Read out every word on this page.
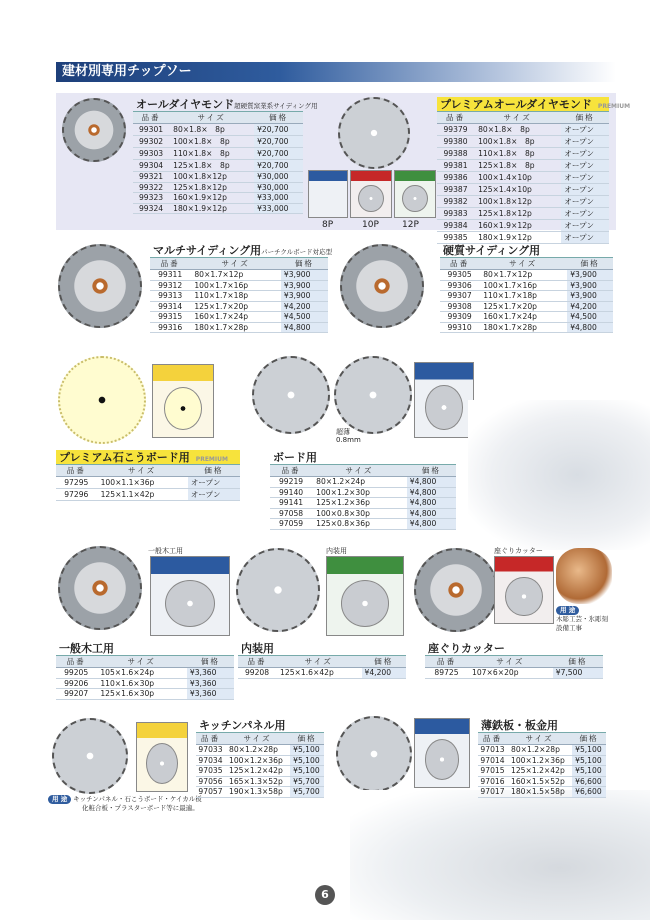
建材別専用チップソー
8P	10P	12P
超薄 0.8mm
一般木工用	内装用	座ぐりカッター
用 途
木彫工芸・氷彫刻
設備工事
用 途 キッチンパネル・石こうボード・ケイカル板
化粧合板・プラスターボード等に最適。
オールダイヤモンド超硬質窯業系サイディング用
品番	サイズ	価格
99301	80×1.8×　8p	¥20,700
99302	100×1.8×　8p	¥20,700
99303	110×1.8×　8p	¥20,700
99304	125×1.8×　8p	¥20,700
99321	100×1.8×12p	¥30,000
99322	125×1.8×12p	¥30,000
99323	160×1.9×12p	¥33,000
99324	180×1.9×12p	¥33,000
プレミアムオールダイヤモンド PREMIUM
品番	サイズ	価格
99379	80×1.8×　8p	オープン
99380	100×1.8×　8p	オープン
99388	110×1.8×　8p	オープン
99381	125×1.8×　8p	オープン
99386	100×1.4×10p	オープン
99387	125×1.4×10p	オープン
99382	100×1.8×12p	オープン
99383	125×1.8×12p	オープン
99384	160×1.9×12p	オープン
99385	180×1.9×12p	オープン
マルチサイディング用パーチクルボード対応型
品番	サイズ	価格
99311	80×1.7×12p	¥3,900
99312	100×1.7×16p	¥3,900
99313	110×1.7×18p	¥3,900
99314	125×1.7×20p	¥4,200
99315	160×1.7×24p	¥4,500
99316	180×1.7×28p	¥4,800
硬質サイディング用
品番	サイズ	価格
99305	80×1.7×12p	¥3,900
99306	100×1.7×16p	¥3,900
99307	110×1.7×18p	¥3,900
99308	125×1.7×20p	¥4,200
99309	160×1.7×24p	¥4,500
99310	180×1.7×28p	¥4,800
プレミアム石こうボード用 PREMIUM
品番	サイズ	価格
97295	100×1.1×36p	オープン
97296	125×1.1×42p	オープン
ボード用
品番	サイズ	価格
99219	80×1.2×24p	¥4,800
99140	100×1.2×30p	¥4,800
99141	125×1.2×36p	¥4,800
97058	100×0.8×30p	¥4,800
97059	125×0.8×36p	¥4,800
一般木工用
品番	サイズ	価格
99205	105×1.6×24p	¥3,360
99206	110×1.6×30p	¥3,360
99207	125×1.6×30p	¥3,360
内装用
品番	サイズ	価格
99208	125×1.6×42p	¥4,200
座ぐりカッター
品番	サイズ	価格
89725	107×6×20p	¥7,500
キッチンパネル用
品番	サイズ	価格
97033	80×1.2×28p	¥5,100
97034	100×1.2×36p	¥5,100
97035	125×1.2×42p	¥5,100
97056	165×1.3×52p	¥5,700
97057	190×1.3×58p	¥5,700
薄鉄板・板金用
品番	サイズ	価格
97013	80×1.2×28p	¥5,100
97014	100×1.2×36p	¥5,100
97015	125×1.2×42p	¥5,100
97016	160×1.5×52p	¥6,600
97017	180×1.5×58p	¥6,600
6
